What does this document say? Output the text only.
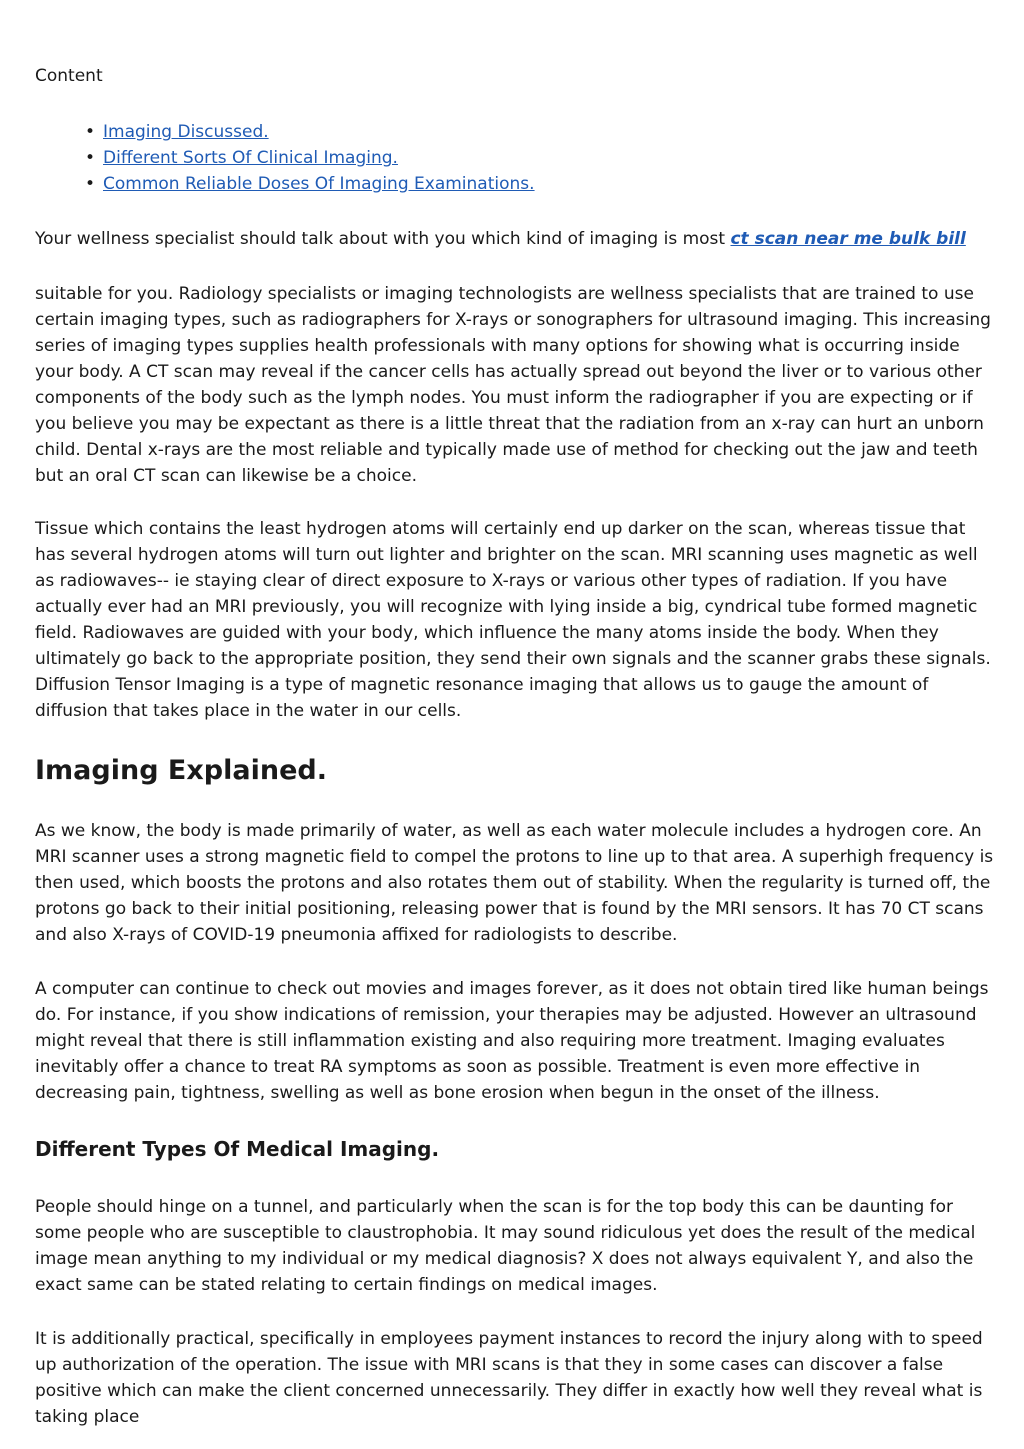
Content
• Imaging Discussed.
• Different Sorts Of Clinical Imaging.
• Common Reliable Doses Of Imaging Examinations.

Your wellness specialist should talk about with you which kind of imaging is most ct scan near me bulk bill

suitable for you. Radiology specialists or imaging technologists are wellness specialists that are trained to use certain imaging types, such as radiographers for X-rays or sonographers for ultrasound imaging. This increasing series of imaging types supplies health professionals with many options for showing what is occurring inside your body. A CT scan may reveal if the cancer cells has actually spread out beyond the liver or to various other components of the body such as the lymph nodes. You must inform the radiographer if you are expecting or if you believe you may be expectant as there is a little threat that the radiation from an x-ray can hurt an unborn child. Dental x-rays are the most reliable and typically made use of method for checking out the jaw and teeth but an oral CT scan can likewise be a choice.

Tissue which contains the least hydrogen atoms will certainly end up darker on the scan, whereas tissue that has several hydrogen atoms will turn out lighter and brighter on the scan. MRI scanning uses magnetic as well as radiowaves-- ie staying clear of direct exposure to X-rays or various other types of radiation. If you have actually ever had an MRI previously, you will recognize with lying inside a big, cyndrical tube formed magnetic field. Radiowaves are guided with your body, which influence the many atoms inside the body. When they ultimately go back to the appropriate position, they send their own signals and the scanner grabs these signals. Diffusion Tensor Imaging is a type of magnetic resonance imaging that allows us to gauge the amount of diffusion that takes place in the water in our cells.

Imaging Explained.

As we know, the body is made primarily of water, as well as each water molecule includes a hydrogen core. An MRI scanner uses a strong magnetic field to compel the protons to line up to that area. A superhigh frequency is then used, which boosts the protons and also rotates them out of stability. When the regularity is turned off, the protons go back to their initial positioning, releasing power that is found by the MRI sensors. It has 70 CT scans and also X-rays of COVID-19 pneumonia affixed for radiologists to describe.

A computer can continue to check out movies and images forever, as it does not obtain tired like human beings do. For instance, if you show indications of remission, your therapies may be adjusted. However an ultrasound might reveal that there is still inflammation existing and also requiring more treatment. Imaging evaluates inevitably offer a chance to treat RA symptoms as soon as possible. Treatment is even more effective in decreasing pain, tightness, swelling as well as bone erosion when begun in the onset of the illness.

Different Types Of Medical Imaging.

People should hinge on a tunnel, and particularly when the scan is for the top body this can be daunting for some people who are susceptible to claustrophobia. It may sound ridiculous yet does the result of the medical image mean anything to my individual or my medical diagnosis? X does not always equivalent Y, and also the exact same can be stated relating to certain findings on medical images.

It is additionally practical, specifically in employees payment instances to record the injury along with to speed up authorization of the operation. The issue with MRI scans is that they in some cases can discover a false positive which can make the client concerned unnecessarily. They differ in exactly how well they reveal what is taking place
